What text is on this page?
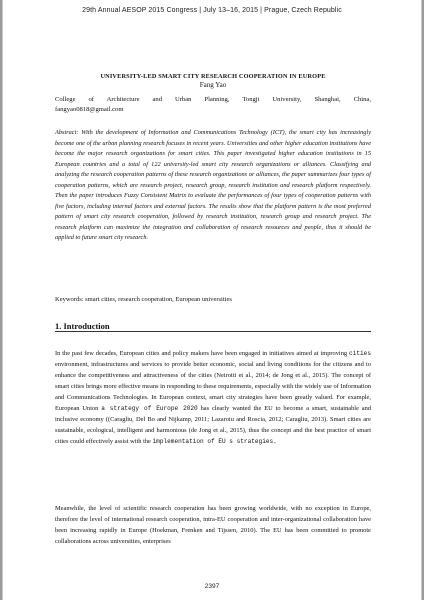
29th Annual AESOP 2015 Congress | July 13–16, 2015 | Prague, Czech Republic
UNIVERSITY-LED SMART CITY RESEARCH COOPERATION IN EUROPE
Fang Yao
College of Architecture and Urban Planning, Tongji University, Shanghai, China,
fangyao0818@gmail.com
Abstract: With the development of Information and Communications Technology (ICT), the smart city has increasingly become one of the urban planning research focuses in recent years. Universities and other higher education institutions have become the major research organizations for smart cities. This paper investigated higher education institutions in 15 European countries and a total of 122 university-led smart city research organizations or alliances. Classifying and analyzing the research cooperation patterns of these research organizations or alliances, the paper summarizes four types of cooperation patterns, which are research project, research group, research institution and research platform respectively. Then the paper introduces Fuzzy Consistent Matrix to evaluate the performances of four types of cooperation patterns with five factors, including internal factors and external factors. The results show that the platform pattern is the most preferred pattern of smart city research cooperation, followed by research institution, research group and research project. The research platform can maximize the integration and collaboration of research resources and people, thus it should be applied to future smart city research.
Keywords: smart cities, research cooperation, European universities
1. Introduction
In the past few decades, European cities and policy makers have been engaged in initiatives aimed at improving cities environment, infrastructures and services to provide better economic, social and living conditions for the citizens and to enhance the competitiveness and attractiveness of the cities (Neirotti et al., 2014; de Jong et al., 2015). The concept of smart cities brings more effective means in responding to these requirements, especially with the widely use of Information and Communications Technologies. In European context, smart city strategies have been greatly valued. For example, European Union a strategy of Europe 2020 has clearly wanted the EU to become a smart, sustainable and inclusive economy ((Caragliu, Del Bo and Nijkamp, 2011; Lazaroiu and Roscia, 2012; Caragliu, 2013). Smart cities are sustainable, ecological, intelligent and harmonious (de Jong et al., 2015), thus the concept and the best practice of smart cities could effectively assist with the implementation of EU s strategies.
Meanwhile, the level of scientific research cooperation has been growing worldwide, with no exception in Europe, therefore the level of international research cooperation, intra-EU cooperation and inter-organizational collaboration have been increasing rapidly in Europe (Hoekman, Frenken and Tijssen, 2010). The EU has been committed to promote collaborations across universities, enterprises
2397
